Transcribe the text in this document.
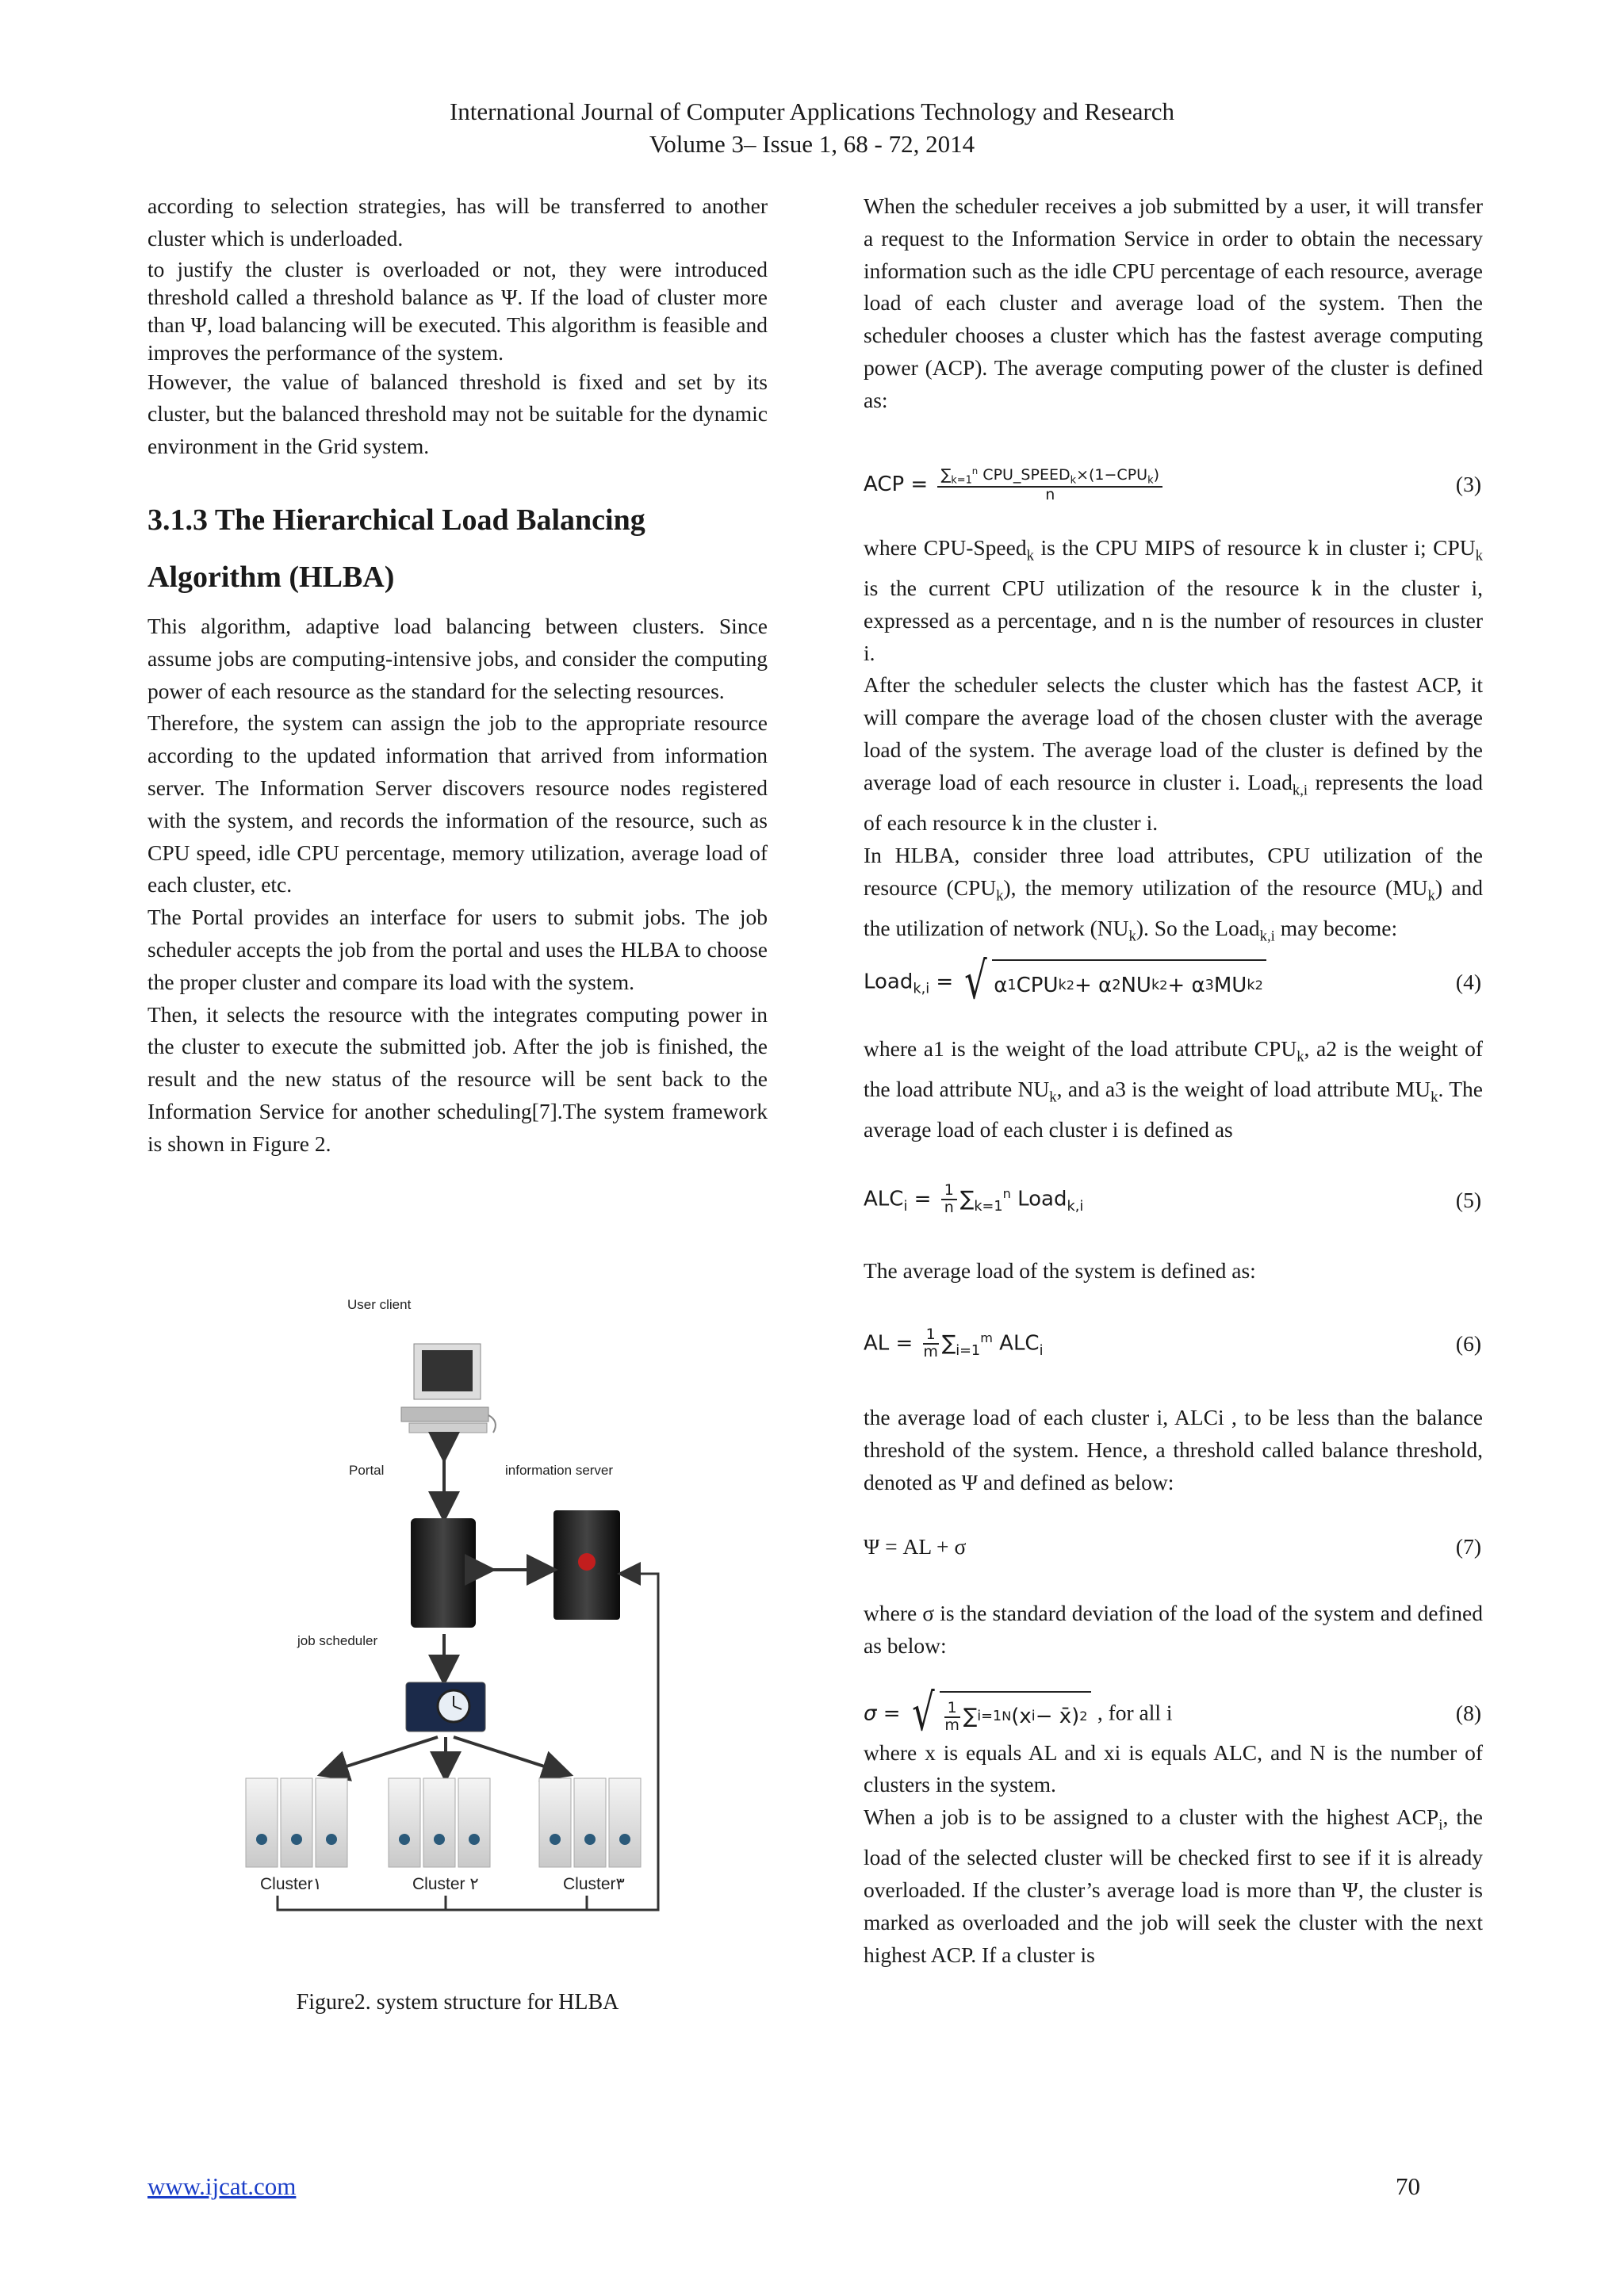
International Journal of Computer Applications Technology and Research
Volume 3– Issue 1, 68 - 72, 2014

according to selection strategies, has will be transferred to another cluster which is underloaded.

to justify the cluster is overloaded or not, they were introduced threshold called a threshold balance as Ψ. If the load of cluster more than Ψ, load balancing will be executed. This algorithm is feasible and improves the performance of the system.

However, the value of balanced threshold is fixed and set by its cluster, but the balanced threshold may not be suitable for the dynamic environment in the Grid system.

3.1.3 The Hierarchical Load Balancing Algorithm (HLBA)

This algorithm, adaptive load balancing between clusters. Since assume jobs are computing-intensive jobs, and consider the computing power of each resource as the standard for the selecting resources.

Therefore, the system can assign the job to the appropriate resource according to the updated information that arrived from information server. The Information Server discovers resource nodes registered with the system, and records the information of the resource, such as CPU speed, idle CPU percentage, memory utilization, average load of each cluster, etc.

The Portal provides an interface for users to submit jobs. The job scheduler accepts the job from the portal and uses the HLBA to choose the proper cluster and compare its load with the system.

Then, it selects the resource with the integrates computing power in the cluster to execute the submitted job. After the job is finished, the result and the new status of the resource will be sent back to the Information Service for another scheduling[7].The system framework is shown in Figure 2.

User client
Portal	information server
job scheduler
Cluster١	Cluster ٢	Cluster٣
Figure2. system structure for HLBA

When the scheduler receives a job submitted by a user, it will transfer a request to the Information Service in order to obtain the necessary information such as the idle CPU percentage of each resource, average load of each cluster and average load of the system. Then the scheduler chooses a cluster which has the fastest average computing power (ACP). The average computing power of the cluster is defined as:

ACP = $\frac{\sum_{k=1}^n CPU\_SPEED_k\times(1-CPU_k)}{n}$	(3)

where CPU-Speed$_k$ is the CPU MIPS of resource k in cluster i; $CPU_k$ is the current CPU utilization of the resource k in the cluster i, expressed as a percentage, and n is the number of resources in cluster i.

After the scheduler selects the cluster which has the fastest ACP, it will compare the average load of the chosen cluster with the average load of the system. The average load of the cluster is defined by the average load of each resource in cluster i. Load$_{k,i}$ represents the load of each resource k in the cluster i.

In HLBA, consider three load attributes, CPU utilization of the resource $(CPU_k)$, the memory utilization of the resource $(MU_k)$ and the utilization of network $(NU_k)$. So the Load$_{k,i}$ may become:

Load$_{k,i}$ = √ α 1 CPU k 2 + α 2 NU k 2 + α 3 MU k 2	(4)

where a1 is the weight of the load attribute $CPU_k$, a2 is the weight of the load attribute $NU_k$, and a3 is the weight of load attribute $MU_k$. The average load of each cluster i is defined as

$ALC_i = \frac{1}{n} \sum_{k=1}^n$ Load$_{k,i}$	(5)

The average load of the system is defined as:

AL = $\frac{1}{m} \sum_{i=1}^m$ $ALC_i$	(6)

the average load of each cluster i, ALCi , to be less than the balance threshold of the system. Hence, a threshold called balance threshold, denoted as Ψ and defined as below:

Ψ = AL + σ	(7)

where σ is the standard deviation of the load of the system and defined as below:

σ = √ $\frac{1}{m}$ ∑ i=1 N (x i − x̄) 2 , for all i	(8)

where x is equals AL and xi is equals ALC, and N is the number of clusters in the system.

When a job is to be assigned to a cluster with the highest $ACP_i$, the load of the selected cluster will be checked first to see if it is already overloaded. If the cluster’s average load is more than Ψ, the cluster is marked as overloaded and the job will seek the cluster with the next highest ACP. If a cluster is

www.ijcat.com	70
